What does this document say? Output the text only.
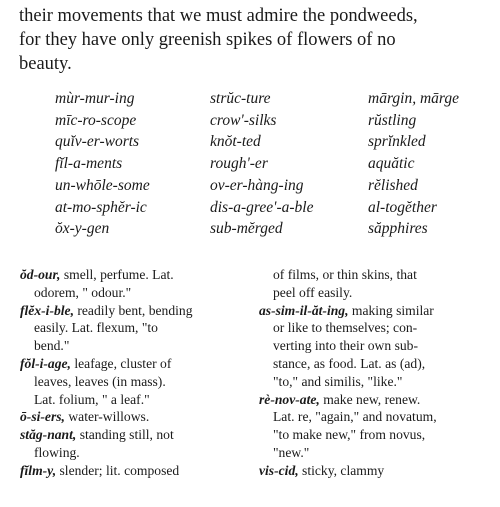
their movements that we must admire the pondweeds,
for they have only greenish spikes of flowers of no
beauty.
mùr-mur-ing
mīc-ro-scope
quĭv-er-worts
fĭl-a-ments
un-whōle-some
at-mo-sphĕr-ic
ŏx-y-gen
strŭc-ture
crow'-silks
knŏt-ted
rough'-er
ov-er-hàng-ing
dis-a-gree'-a-ble
sub-mĕrged
mārgin, mārge
rŭstling
sprĭnkled
aquătic
rĕlished
al-togĕther
săpphires
ŏd-our, smell, perfume. Lat.
odorem, " odour."
flĕx-i-ble, readily bent, bending
easily. Lat. flexum, "to
bend."
fŏl-i-age, leafage, cluster of
leaves, leaves (in mass).
Lat. folium, " a leaf."
ō-si-ers, water-willows.
stăg-nant, standing still, not
flowing.
fĭlm-y, slender; lit. composed
of films, or thin skins, that
peel off easily.
as-sim-il-ăt-ing, making similar
or like to themselves; con-
verting into their own sub-
stance, as food. Lat. as (ad),
"to," and similis, "like."
rè-nov-ate, make new, renew.
Lat. re, "again," and novatum,
"to make new," from novus,
"new."
vis-cid, sticky, clammy
